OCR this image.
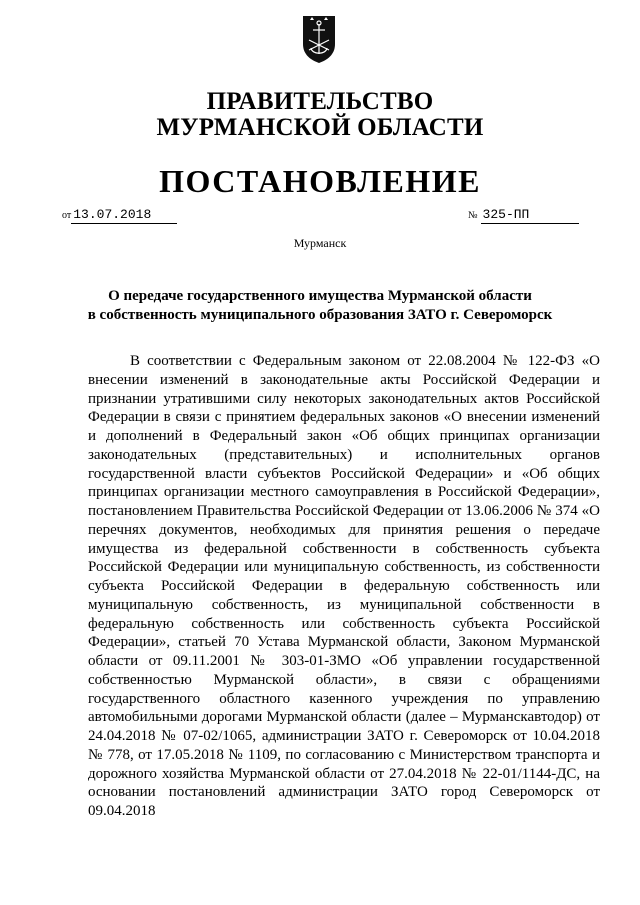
ПРАВИТЕЛЬСТВО
МУРМАНСКОЙ ОБЛАСТИ
ПОСТАНОВЛЕНИЕ
от 13.07.2018	№ 325-ПП
Мурманск
О передаче государственного имущества Мурманской области
в собственность муниципального образования ЗАТО г. Североморск

В соответствии с Федеральным законом от 22.08.2004 № 122-ФЗ «О внесении изменений в законодательные акты Российской Федерации и признании утратившими силу некоторых законодательных актов Российской Федерации в связи с принятием федеральных законов «О внесении изменений и дополнений в Федеральный закон «Об общих принципах организации законодательных (представительных) и исполнительных органов государственной власти субъектов Российской Федерации» и «Об общих принципах организации местного самоуправления в Российской Федерации», постановлением Правительства Российской Федерации от 13.06.2006 № 374 «О перечнях документов, необходимых для принятия решения о передаче имущества из федеральной собственности в собственность субъекта Российской Федерации или муниципальную собственность, из собственности субъекта Российской Федерации в федеральную собственность или муниципальную собственность, из муниципальной собственности в федеральную собственность или собственность субъекта Российской Федерации», статьей 70 Устава Мурманской области, Законом Мурманской области от 09.11.2001 № 303-01-ЗМО «Об управлении государственной собственностью Мурманской области», в связи с обращениями государственного областного казенного учреждения по управлению автомобильными дорогами Мурманской области (далее – Мурманскавтодор) от 24.04.2018 № 07-02/1065, администрации ЗАТО г. Североморск от 10.04.2018 № 778, от 17.05.2018 № 1109, по согласованию с Министерством транспорта и дорожного хозяйства Мурманской области от 27.04.2018 № 22-01/1144-ДС, на основании постановлений администрации ЗАТО город Североморск от 09.04.2018
